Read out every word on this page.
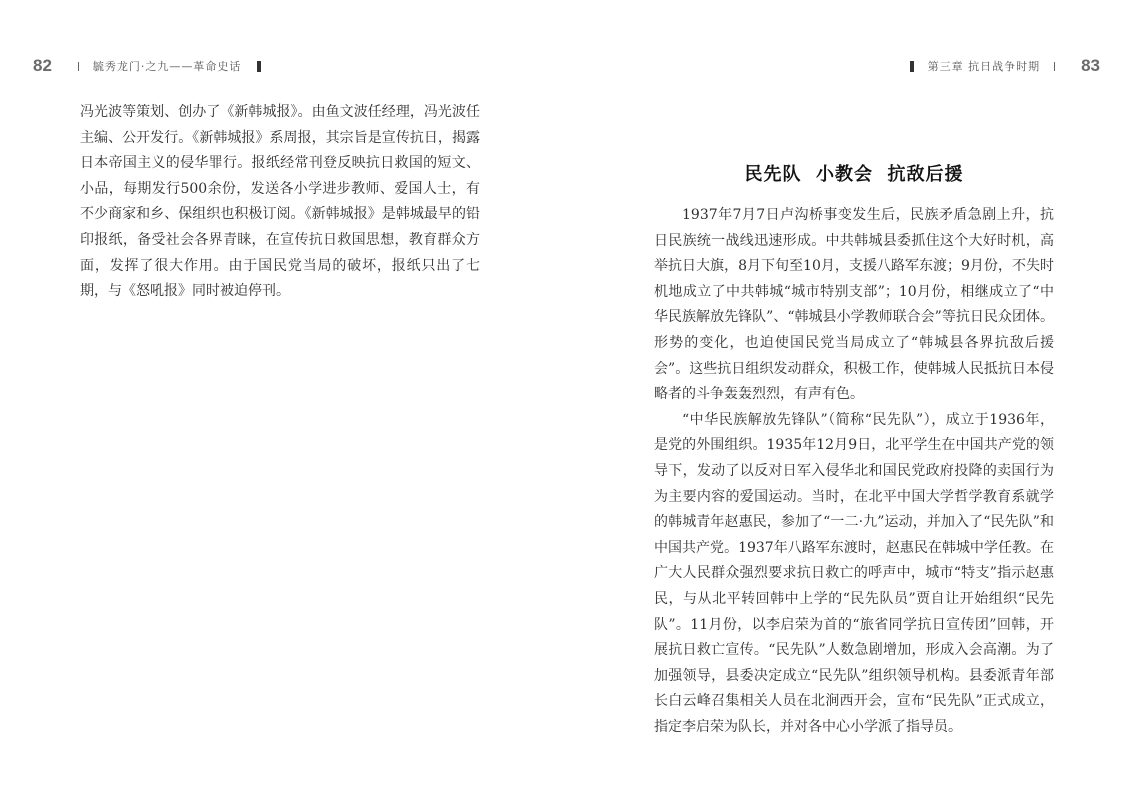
82	毓秀龙门·之九——革命史话

冯光波等策划、创办了《新韩城报》。由鱼文波任经理，冯光波任主编、公开发行。《新韩城报》系周报，其宗旨是宣传抗日，揭露日本帝国主义的侵华罪行。报纸经常刊登反映抗日救国的短文、小品，每期发行500余份，发送各小学进步教师、爱国人士，有不少商家和乡、保组织也积极订阅。《新韩城报》是韩城最早的铅印报纸，备受社会各界青睐，在宣传抗日救国思想，教育群众方面，发挥了很大作用。由于国民党当局的破坏，报纸只出了七期，与《怒吼报》同时被迫停刊。

第三章 抗日战争时期 83
民先队  小教会  抗敌后援

1937年7月7日卢沟桥事变发生后，民族矛盾急剧上升，抗日民族统一战线迅速形成。中共韩城县委抓住这个大好时机，高举抗日大旗，8月下旬至10月，支援八路军东渡；9月份，不失时机地成立了中共韩城“城市特别支部”；10月份，相继成立了“中华民族解放先锋队”、“韩城县小学教师联合会”等抗日民众团体。形势的变化，也迫使国民党当局成立了“韩城县各界抗敌后援会”。这些抗日组织发动群众，积极工作，使韩城人民抵抗日本侵略者的斗争轰轰烈烈，有声有色。

“中华民族解放先锋队”（简称“民先队”），成立于1936年，是党的外围组织。1935年12月9日，北平学生在中国共产党的领导下，发动了以反对日军入侵华北和国民党政府投降的卖国行为为主要内容的爱国运动。当时，在北平中国大学哲学教育系就学的韩城青年赵惠民，参加了“一二·九”运动，并加入了“民先队”和中国共产党。1937年八路军东渡时，赵惠民在韩城中学任教。在广大人民群众强烈要求抗日救亡的呼声中，城市“特支”指示赵惠民，与从北平转回韩中上学的“民先队员”贾自让开始组织“民先队”。11月份，以李启荣为首的“旅省同学抗日宣传团”回韩，开展抗日救亡宣传。“民先队”人数急剧增加，形成入会高潮。为了加强领导，县委决定成立“民先队”组织领导机构。县委派青年部长白云峰召集相关人员在北涧西开会，宣布“民先队”正式成立，指定李启荣为队长，并对各中心小学派了指导员。
